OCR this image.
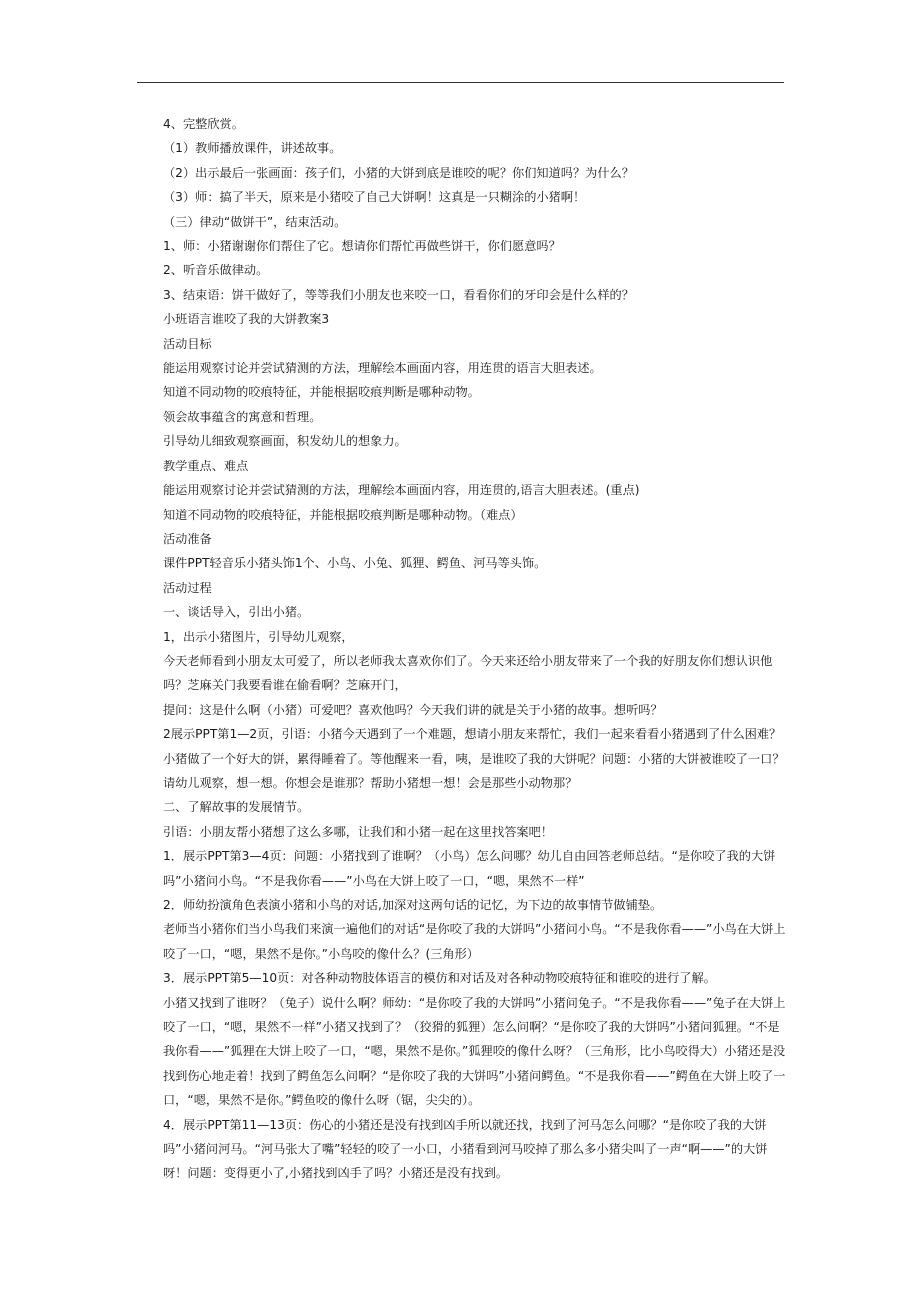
4、完整欣赏。

（1）教师播放课件，讲述故事。

（2）出示最后一张画面：孩子们，小猪的大饼到底是谁咬的呢？你们知道吗？为什么？

（3）师：搞了半天，原来是小猪咬了自己大饼啊！这真是一只糊涂的小猪啊！

（三）律动“做饼干”，结束活动。

1、师：小猪谢谢你们帮住了它。想请你们帮忙再做些饼干，你们愿意吗？

2、听音乐做律动。

3、结束语：饼干做好了，等等我们小朋友也来咬一口，看看你们的牙印会是什么样的？

小班语言谁咬了我的大饼教案3

活动目标

能运用观察讨论并尝试猜测的方法，理解绘本画面内容，用连贯的语言大胆表述。

知道不同动物的咬痕特征，并能根据咬痕判断是哪种动物。

领会故事蕴含的寓意和哲理。

引导幼儿细致观察画面，积发幼儿的想象力。

教学重点、难点

能运用观察讨论并尝试猜测的方法，理解绘本画面内容，用连贯的,语言大胆表述。(重点)

知道不同动物的咬痕特征，并能根据咬痕判断是哪种动物。（难点）

活动准备

课件PPT轻音乐小猪头饰1个、小鸟、小兔、狐狸、鳄鱼、河马等头饰。

活动过程

一、谈话导入，引出小猪。

1，出示小猪图片，引导幼儿观察，

今天老师看到小朋友太可爱了，所以老师我太喜欢你们了。今天来还给小朋友带来了一个我的好朋友你们想认识他吗？芝麻关门我要看谁在偷看啊？芝麻开门，

提问：这是什么啊（小猪）可爱吧？喜欢他吗？今天我们讲的就是关于小猪的故事。想听吗？

2展示PPT第1—2页，引语：小猪今天遇到了一个难题，想请小朋友来帮忙，我们一起来看看小猪遇到了什么困难？小猪做了一个好大的饼，累得睡着了。等他醒来一看，咦，是谁咬了我的大饼呢？问题：小猪的大饼被谁咬了一口？请幼儿观察，想一想。你想会是谁那？帮助小猪想一想！会是那些小动物那？

二、了解故事的发展情节。

引语：小朋友帮小猪想了这么多哪，让我们和小猪一起在这里找答案吧！

1．展示PPT第3—4页：问题：小猪找到了谁啊？（小鸟）怎么问哪？幼儿自由回答老师总结。“是你咬了我的大饼吗”小猪问小鸟。“不是我你看——”小鸟在大饼上咬了一口，“嗯，果然不一样”

2．师幼扮演角色表演小猪和小鸟的对话,加深对这两句话的记忆，为下边的故事情节做铺垫。

老师当小猪你们当小鸟我们来演一遍他们的对话“是你咬了我的大饼吗”小猪问小鸟。“不是我你看——”小鸟在大饼上咬了一口，“嗯，果然不是你。”小鸟咬的像什么？(三角形）

3．展示PPT第5—10页：对各种动物肢体语言的模仿和对话及对各种动物咬痕特征和谁咬的进行了解。

小猪又找到了谁呀？（兔子）说什么啊？师幼：“是你咬了我的大饼吗”小猪问兔子。“不是我你看——”兔子在大饼上咬了一口，“嗯，果然不一样”小猪又找到了？（狡猾的狐狸）怎么问啊？“是你咬了我的大饼吗”小猪问狐狸。“不是我你看——”狐狸在大饼上咬了一口，“嗯，果然不是你。”狐狸咬的像什么呀？（三角形，比小鸟咬得大）小猪还是没找到伤心地走着！找到了鳄鱼怎么问啊？“是你咬了我的大饼吗”小猪问鳄鱼。“不是我你看——”鳄鱼在大饼上咬了一口，“嗯，果然不是你。”鳄鱼咬的像什么呀（锯，尖尖的）。

4．展示PPT第11—13页：伤心的小猪还是没有找到凶手所以就还找，找到了河马怎么问哪？“是你咬了我的大饼吗”小猪问河马。“河马张大了嘴”轻轻的咬了一小口，小猪看到河马咬掉了那么多小猪尖叫了一声“啊——”的大饼呀！问题：变得更小了,小猪找到凶手了吗？小猪还是没有找到。
